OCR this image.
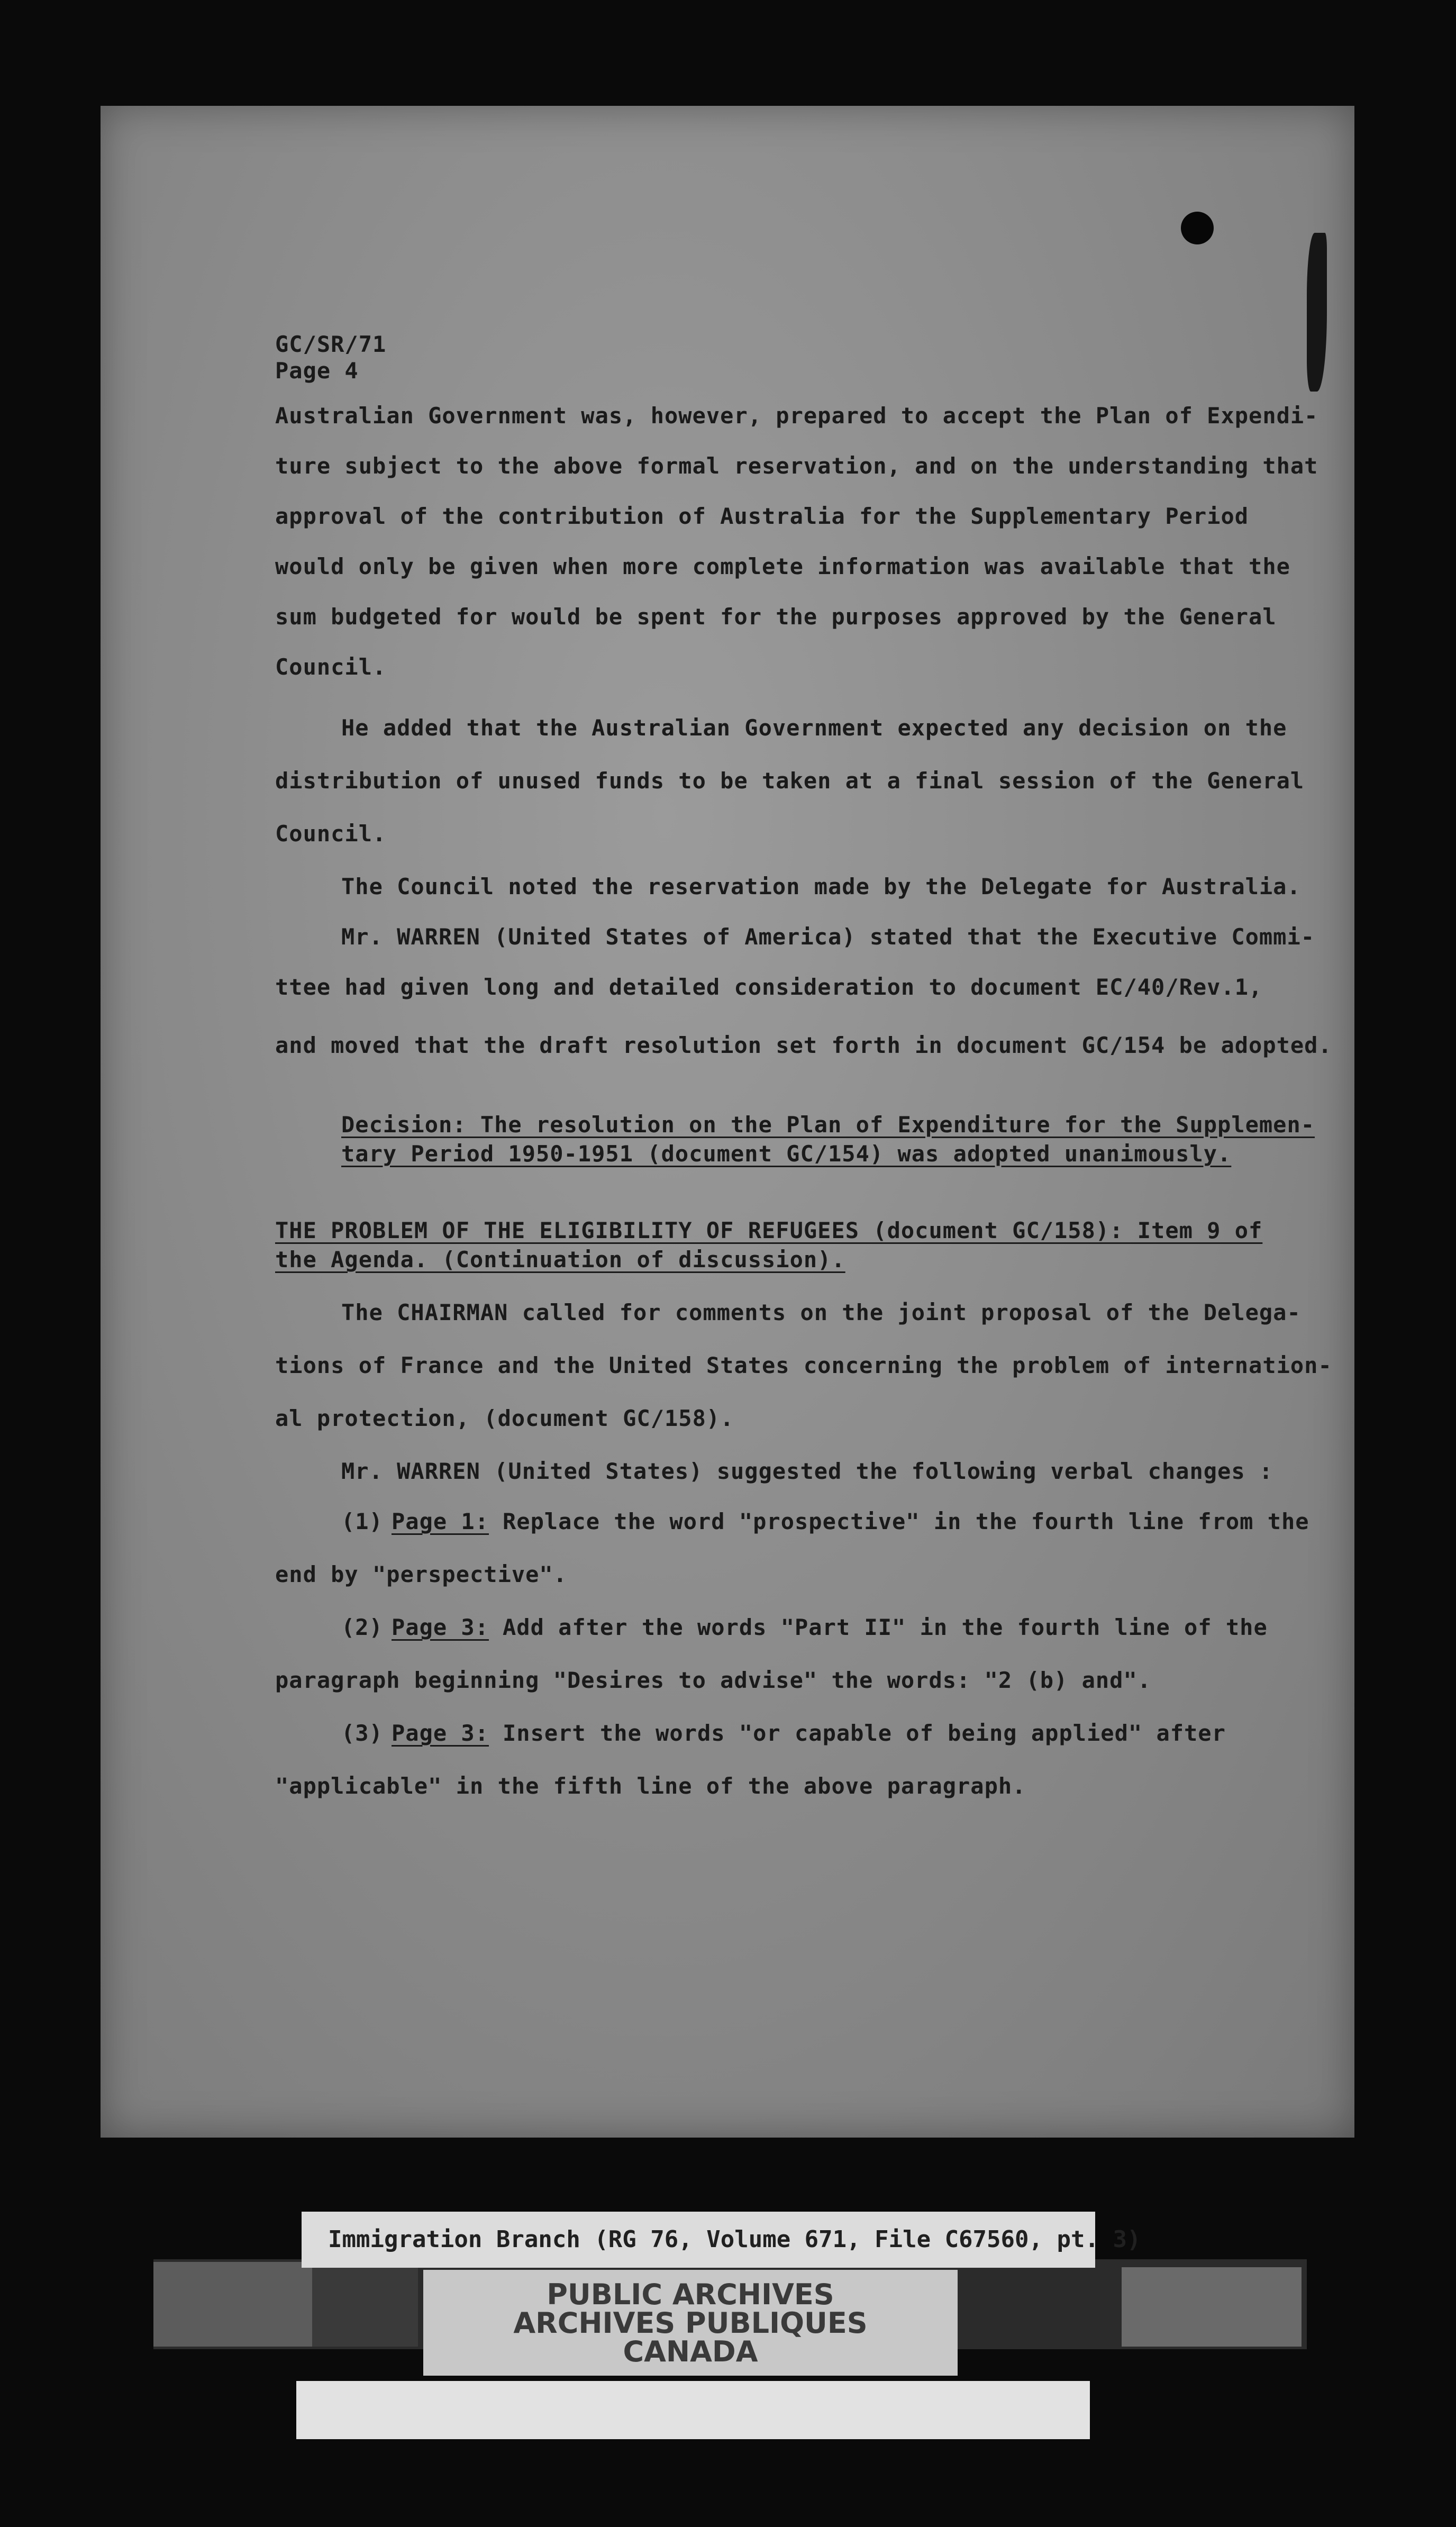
GC/SR/71
Page 4
Australian Government was, however, prepared to accept the Plan of Expendi-
ture subject to the above formal reservation, and on the understanding that
approval of the contribution of Australia for the Supplementary Period
would only be given when more complete information was available that the
sum budgeted for would be spent for the purposes approved by the General
Council.
He added that the Australian Government expected any decision on the
distribution of unused funds to be taken at a final session of the General
Council.
The Council noted the reservation made by the Delegate for Australia.
Mr. WARREN (United States of America) stated that the Executive Commi-
ttee had given long and detailed consideration to document EC/40/Rev.1,
and moved that the draft resolution set forth in document GC/154 be adopted.
Decision: The resolution on the Plan of Expenditure for the Supplemen-
tary Period 1950-1951 (document GC/154) was adopted unanimously.
THE PROBLEM OF THE ELIGIBILITY OF REFUGEES (document GC/158): Item 9 of
the Agenda. (Continuation of discussion).
The CHAIRMAN called for comments on the joint proposal of the Delega-
tions of France and the United States concerning the problem of internation-
al protection, (document GC/158).
Mr. WARREN (United States) suggested the following verbal changes :
(1) Page 1: Replace the word "prospective" in the fourth line from the
end by "perspective".
(2) Page 3: Add after the words "Part II" in the fourth line of the
paragraph beginning "Desires to advise" the words: "2 (b) and".
(3) Page 3: Insert the words "or capable of being applied" after
"applicable" in the fifth line of the above paragraph.
Immigration Branch (RG 76, Volume 671, File C67560, pt. 3)
PUBLIC ARCHIVES
ARCHIVES PUBLIQUES
CANADA
